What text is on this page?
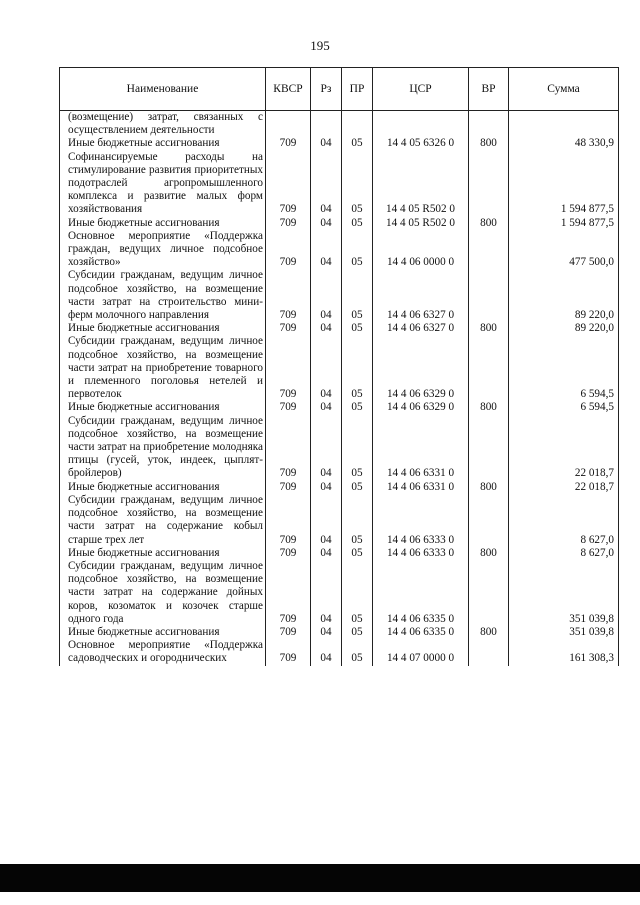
195
Наименование	КВСР	Рз	ПР	ЦСР	ВР	Сумма
(возмещение) затрат, связанных с осуществлением деятельности						
Иные бюджетные ассигнования	709	04	05	14 4 05 6326 0	800	48 330,9
Софинансируемые расходы на стимулирование развития приоритетных подотраслей агропромышленного комплекса и развитие малых форм хозяйствования	709	04	05	14 4 05 R502 0		1 594 877,5
Иные бюджетные ассигнования	709	04	05	14 4 05 R502 0	800	1 594 877,5
Основное мероприятие «Поддержка граждан, ведущих личное подсобное хозяйство»	709	04	05	14 4 06 0000 0		477 500,0
Субсидии гражданам, ведущим личное подсобное хозяйство, на возмещение части затрат на строительство мини-ферм молочного направления	709	04	05	14 4 06 6327 0		89 220,0
Иные бюджетные ассигнования	709	04	05	14 4 06 6327 0	800	89 220,0
Субсидии гражданам, ведущим личное подсобное хозяйство, на возмещение части затрат на приобретение товарного и племенного поголовья нетелей и первотелок	709	04	05	14 4 06 6329 0		6 594,5
Иные бюджетные ассигнования	709	04	05	14 4 06 6329 0	800	6 594,5
Субсидии гражданам, ведущим личное подсобное хозяйство, на возмещение части затрат на приобретение молодняка птицы (гусей, уток, индеек, цыплят-бройлеров)	709	04	05	14 4 06 6331 0		22 018,7
Иные бюджетные ассигнования	709	04	05	14 4 06 6331 0	800	22 018,7
Субсидии гражданам, ведущим личное подсобное хозяйство, на возмещение части затрат на содержание кобыл старше трех лет	709	04	05	14 4 06 6333 0		8 627,0
Иные бюджетные ассигнования	709	04	05	14 4 06 6333 0	800	8 627,0
Субсидии гражданам, ведущим личное подсобное хозяйство, на возмещение части затрат на содержание дойных коров, козоматок и козочек старше одного года	709	04	05	14 4 06 6335 0		351 039,8
Иные бюджетные ассигнования	709	04	05	14 4 06 6335 0	800	351 039,8
Основное мероприятие «Поддержка садоводческих и огороднических	709	04	05	14 4 07 0000 0		161 308,3
